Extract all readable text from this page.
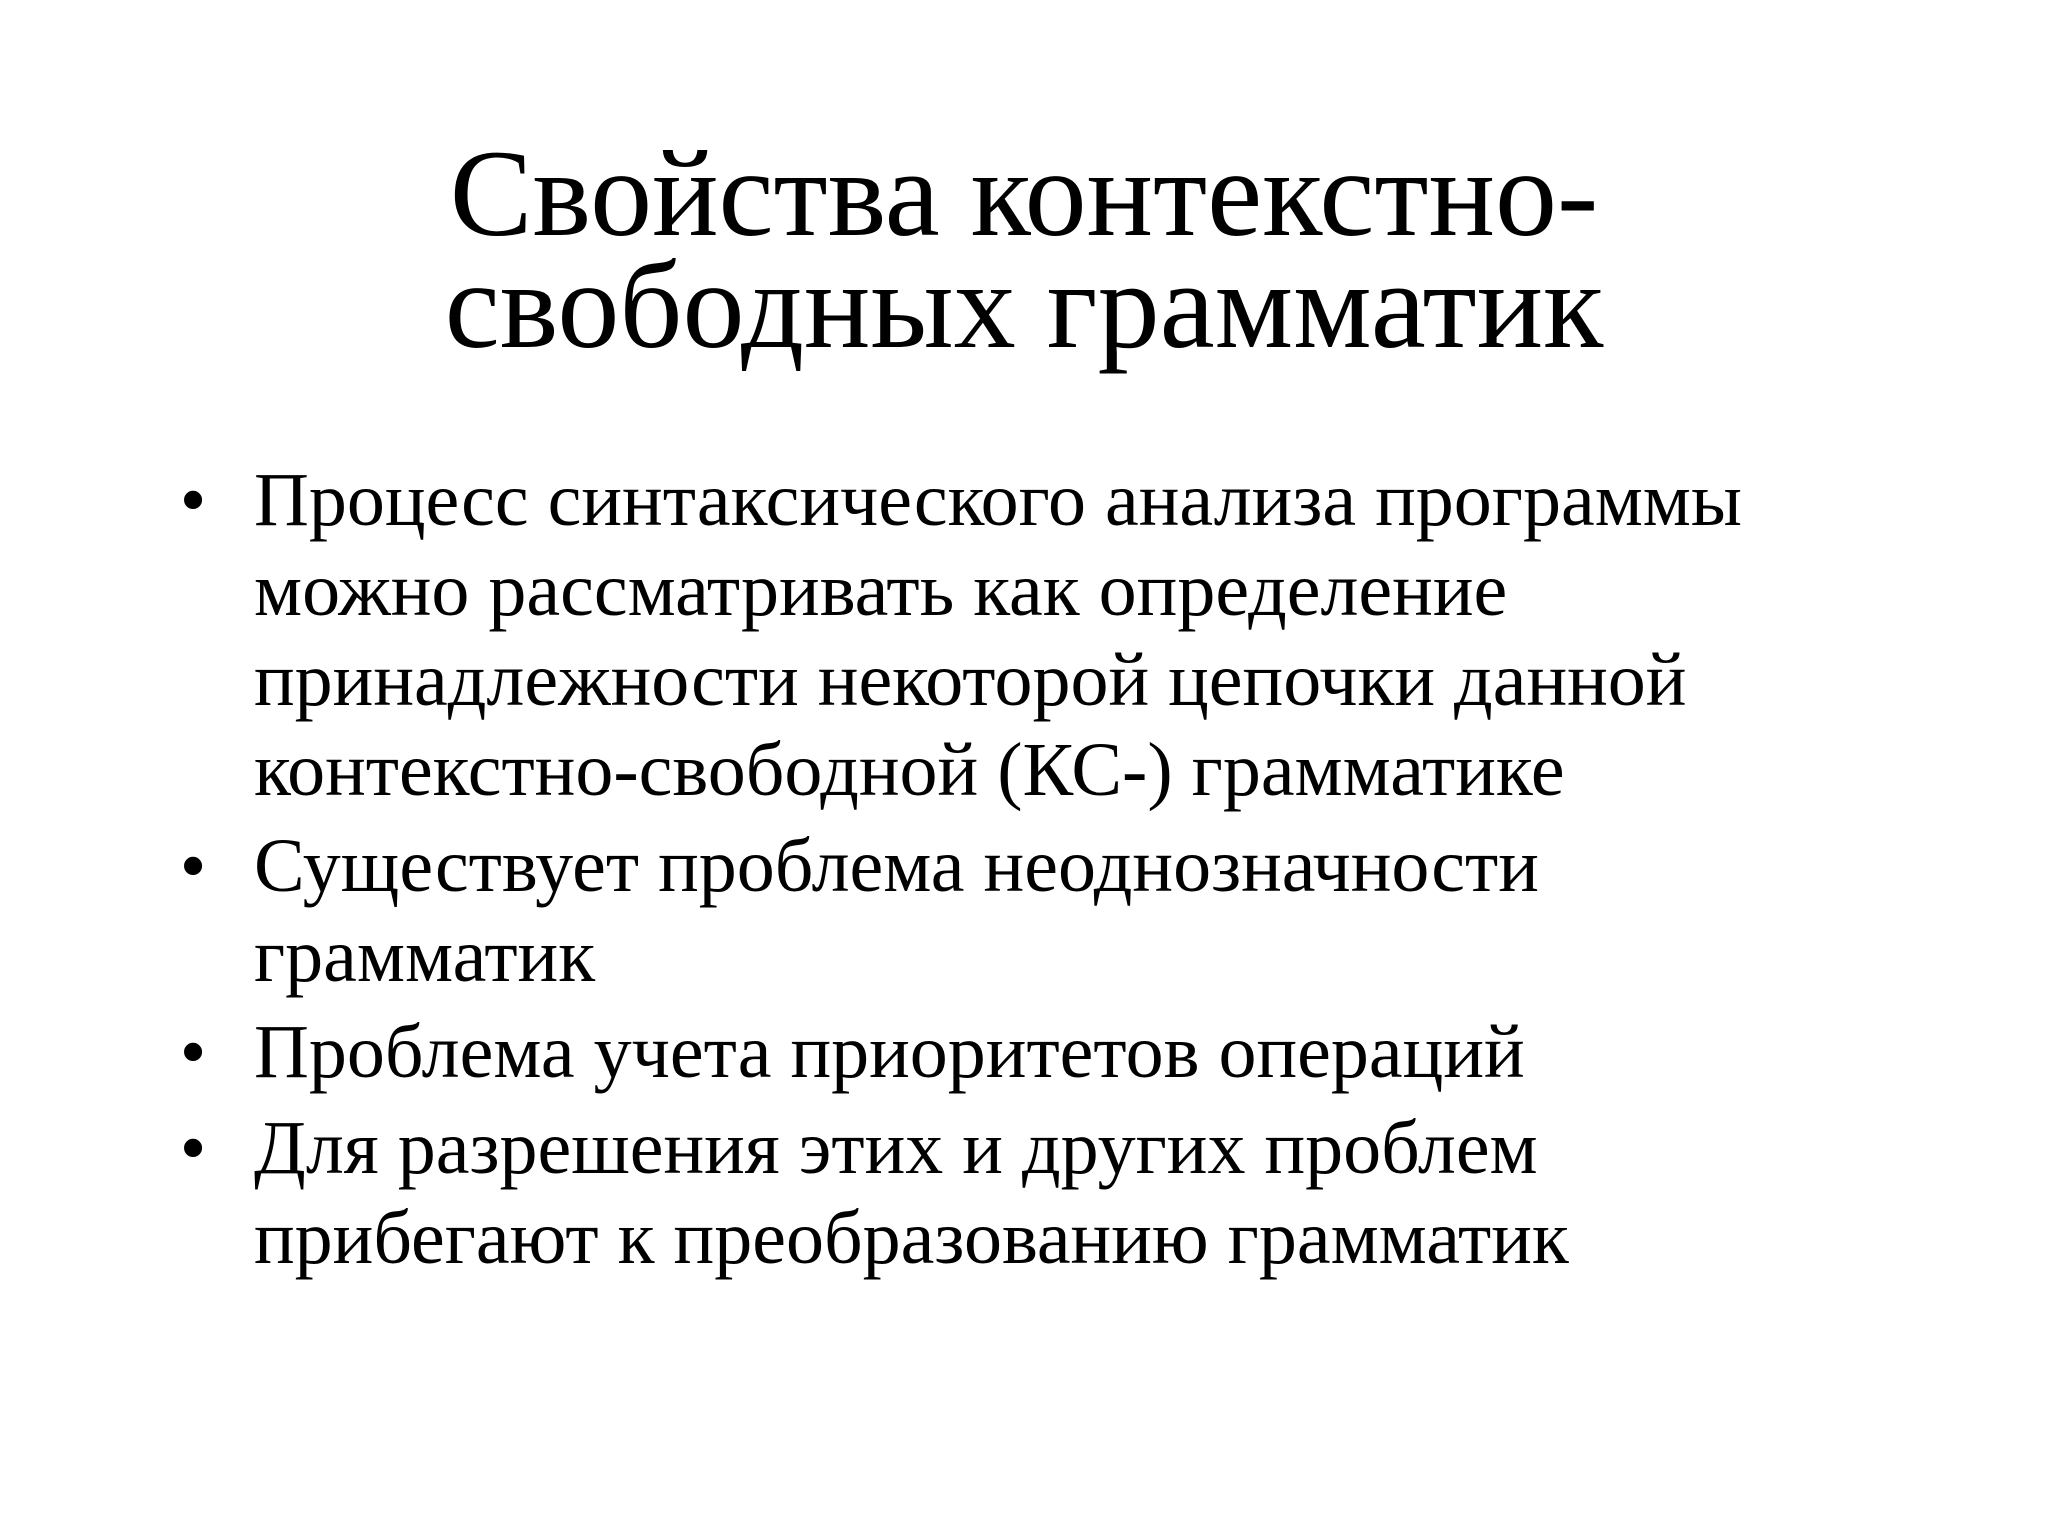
Свойства контекстно-
свободных грамматик
• Процесс синтаксического анализа программы
можно рассматривать как определение
принадлежности некоторой цепочки данной
контекстно-свободной (КС-) грамматике
• Существует проблема неоднозначности
грамматик
• Проблема учета приоритетов операций
• Для разрешения этих и других проблем
прибегают к преобразованию грамматик
